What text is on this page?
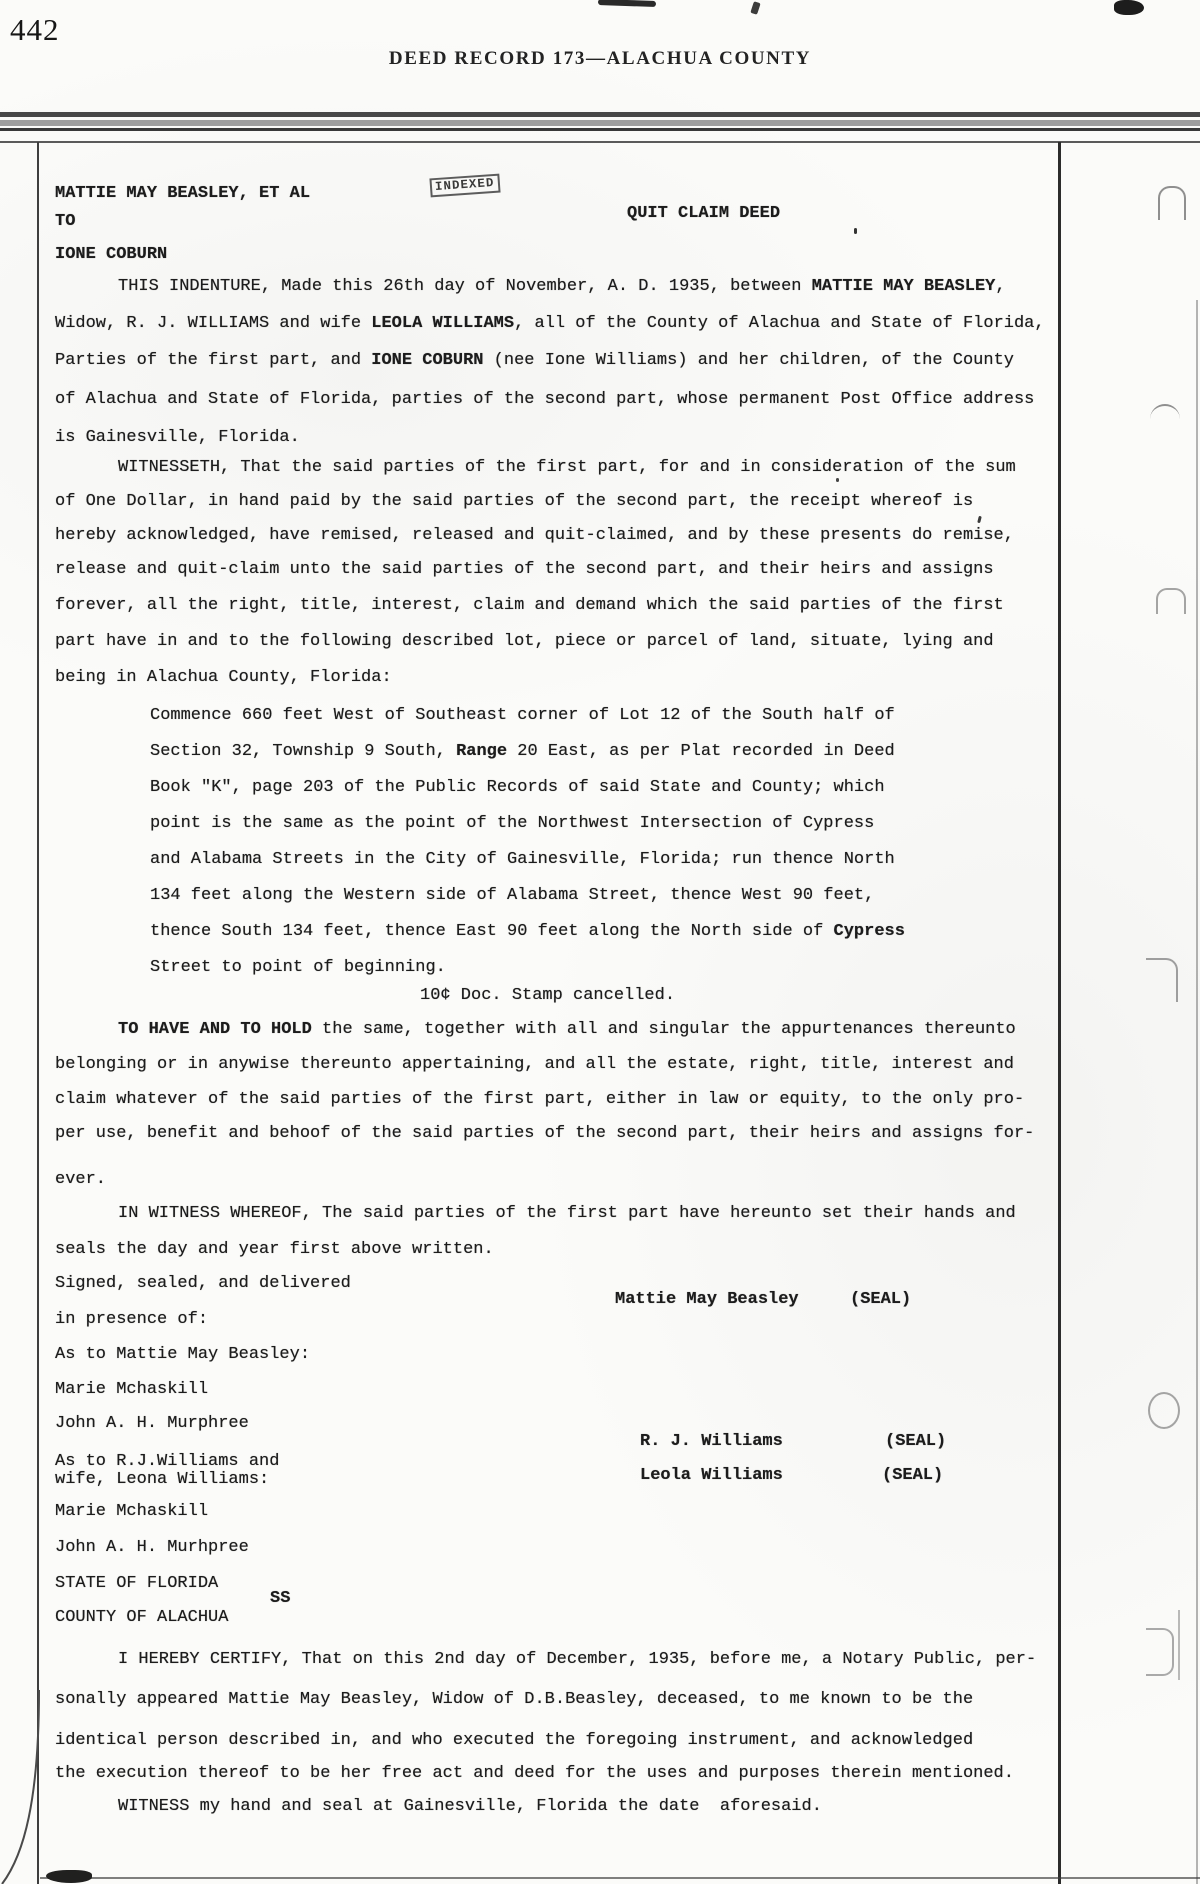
442
DEED RECORD 173—ALACHUA COUNTY
INDEXED
MATTIE MAY BEASLEY, ET AL
TO	QUIT CLAIM DEED
IONE COBURN
THIS INDENTURE, Made this 26th day of November, A. D. 1935, between MATTIE MAY BEASLEY,
Widow, R. J. WILLIAMS and wife LEOLA WILLIAMS, all of the County of Alachua and State of Florida,
Parties of the first part, and IONE COBURN (nee Ione Williams) and her children, of the County
of Alachua and State of Florida, parties of the second part, whose permanent Post Office address
is Gainesville, Florida.
WITNESSETH, That the said parties of the first part, for and in consideration of the sum
of One Dollar, in hand paid by the said parties of the second part, the receipt whereof is
hereby acknowledged, have remised, released and quit-claimed, and by these presents do remise,
release and quit-claim unto the said parties of the second part, and their heirs and assigns
forever, all the right, title, interest, claim and demand which the said parties of the first
part have in and to the following described lot, piece or parcel of land, situate, lying and
being in Alachua County, Florida:
Commence 660 feet West of Southeast corner of Lot 12 of the South half of
Section 32, Township 9 South, Range 20 East, as per Plat recorded in Deed
Book "K", page 203 of the Public Records of said State and County; which
point is the same as the point of the Northwest Intersection of Cypress
and Alabama Streets in the City of Gainesville, Florida; run thence North
134 feet along the Western side of Alabama Street, thence West 90 feet,
thence South 134 feet, thence East 90 feet along the North side of Cypress
Street to point of beginning.
10¢ Doc. Stamp cancelled.
TO HAVE AND TO HOLD the same, together with all and singular the appurtenances thereunto
belonging or in anywise thereunto appertaining, and all the estate, right, title, interest and
claim whatever of the said parties of the first part, either in law or equity, to the only pro-
per use, benefit and behoof of the said parties of the second part, their heirs and assigns for-
ever.
IN WITNESS WHEREOF, The said parties of the first part have hereunto set their hands and
seals the day and year first above written.
Signed, sealed, and delivered
Mattie May Beasley	(SEAL)
in presence of:
As to Mattie May Beasley:
Marie Mchaskill
John A. H. Murphree
R. J. Williams	(SEAL)
As to R.J.Williams and
wife, Leona Williams:	Leola Williams	(SEAL)
Marie Mchaskill
John A. H. Murhpree
STATE OF FLORIDA
SS
COUNTY OF ALACHUA
I HEREBY CERTIFY, That on this 2nd day of December, 1935, before me, a Notary Public, per-
sonally appeared Mattie May Beasley, Widow of D.B.Beasley, deceased, to me known to be the
identical person described in, and who executed the foregoing instrument, and acknowledged
the execution thereof to be her free act and deed for the uses and purposes therein mentioned.
WITNESS my hand and seal at Gainesville, Florida the date  aforesaid.
